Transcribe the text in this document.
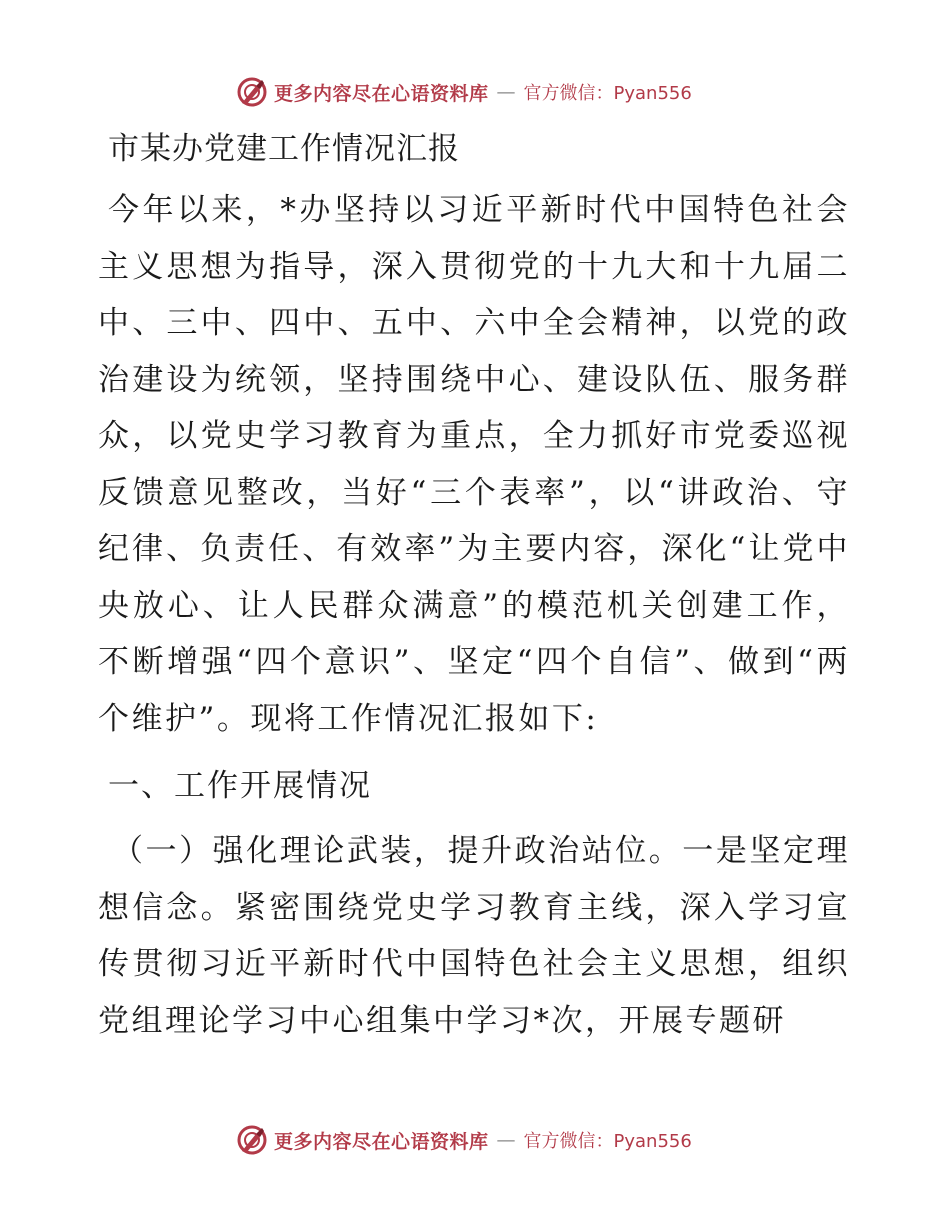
更多内容尽在心语资料库 — 官方微信：Pyan556
市某办党建工作情况汇报

今年以来，*办坚持以习近平新时代中国特色社会主义思想为指导，深入贯彻党的十九大和十九届二中、三中、四中、五中、六中全会精神，以党的政治建设为统领，坚持围绕中心、建设队伍、服务群众，以党史学习教育为重点，全力抓好市党委巡视反馈意见整改，当好“三个表率”，以“讲政治、守纪律、负责任、有效率”为主要内容，深化“让党中央放心、让人民群众满意”的模范机关创建工作，不断增强“四个意识”、坚定“四个自信”、做到“两个维护”。现将工作情况汇报如下:

一、工作开展情况

（一）强化理论武装，提升政治站位。一是坚定理想信念。紧密围绕党史学习教育主线，深入学习宣传贯彻习近平新时代中国特色社会主义思想，组织党组理论学习中心组集中学习*次，开展专题研

更多内容尽在心语资料库 — 官方微信：Pyan556
